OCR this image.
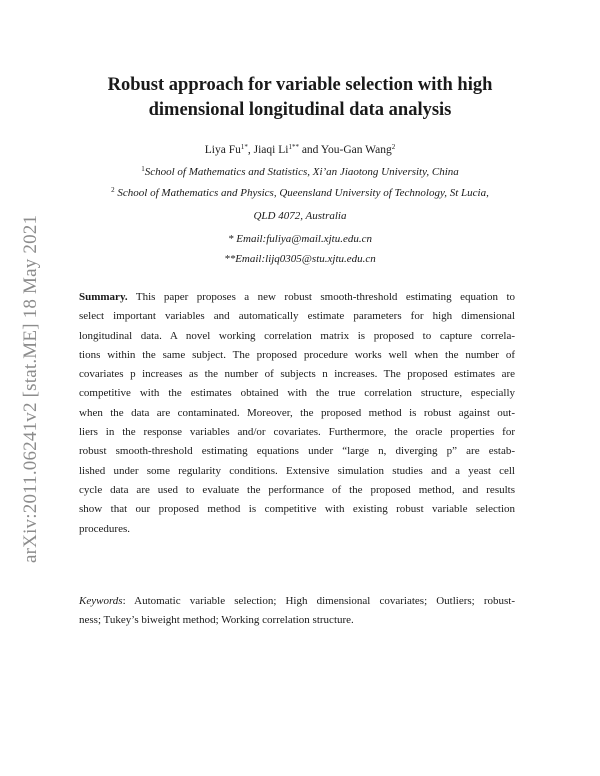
arXiv:2011.06241v2 [stat.ME] 18 May 2021
Robust approach for variable selection with high
dimensional longitudinal data analysis
Liya $Fu^{1*}$, Jiaqi $Li^{1**}$ and You-Gan Wang$^2$
$^1$School of Mathematics and Statistics, Xi’an Jiaotong University, China
$^2$ School of Mathematics and Physics, Queensland University of Technology, St Lucia,
QLD 4072, Australia
* Email:fuliya@mail.xjtu.edu.cn
**Email:lijq0305@stu.xjtu.edu.cn
Summary. This paper proposes a new robust smooth-threshold estimating equation to
select important variables and automatically estimate parameters for high dimensional
longitudinal data. A novel working correlation matrix is proposed to capture correla-
tions within the same subject. The proposed procedure works well when the number of
covariates p increases as the number of subjects n increases. The proposed estimates are
competitive with the estimates obtained with the true correlation structure, especially
when the data are contaminated. Moreover, the proposed method is robust against out-
liers in the response variables and/or covariates. Furthermore, the oracle properties for
robust smooth-threshold estimating equations under “large n, diverging p” are estab-
lished under some regularity conditions. Extensive simulation studies and a yeast cell
cycle data are used to evaluate the performance of the proposed method, and results
show that our proposed method is competitive with existing robust variable selection
procedures.
Keywords: Automatic variable selection; High dimensional covariates; Outliers; robust-
ness; Tukey’s biweight method; Working correlation structure.
